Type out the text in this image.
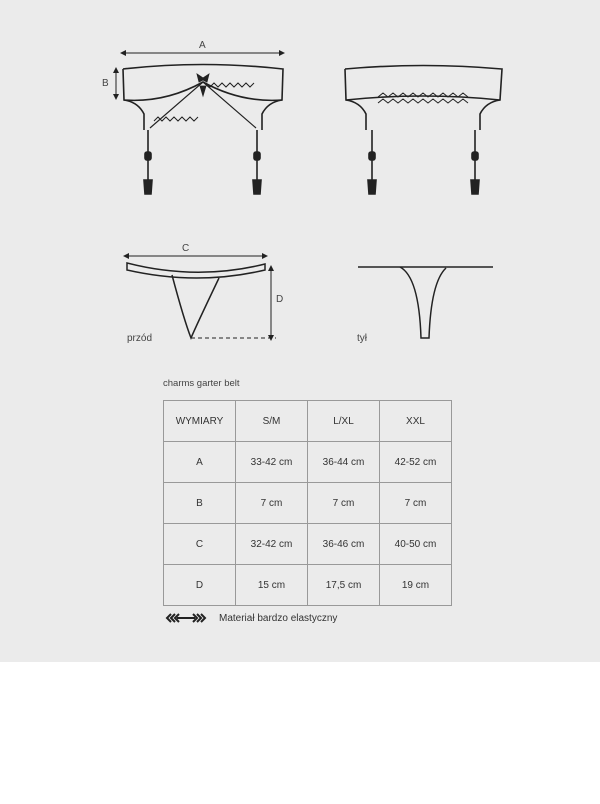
A
B
C
D
przód	tył
charms garter belt
WYMIARY	S/M	L/XL	XXL
A	33-42 cm	36-44 cm	42-52 cm
B	7 cm	7 cm	7 cm
C	32-42 cm	36-46 cm	40-50 cm
D	15 cm	17,5 cm	19 cm
Materiał bardzo elastyczny
